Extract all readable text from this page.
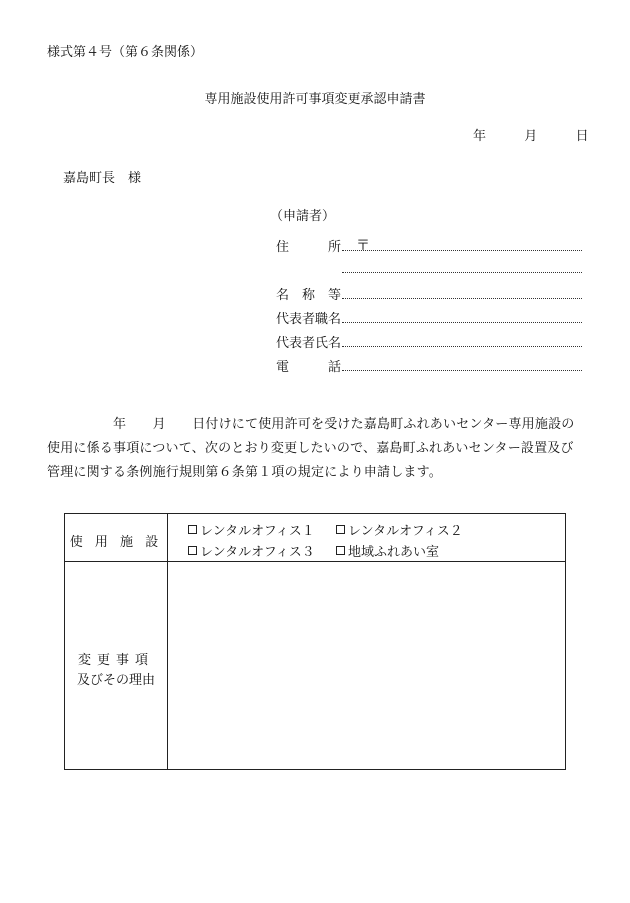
様式第４号（第６条関係）
専用施設使用許可事項変更承認申請書
年	月	日
嘉島町長　様
（申請者）
住　　　所 〒
名　称　等
代表者職名
代表者氏名
電　　　話
年　　月　　日付けにて使用許可を受けた嘉島町ふれあいセンター専用施設の
使用に係る事項について、次のとおり変更したいので、嘉島町ふれあいセンター設置及び
管理に関する条例施行規則第６条第１項の規定により申請します。
使 用 施 設
レンタルオフィス１	レンタルオフィス２
レンタルオフィス３	地域ふれあい室
変更事項
及びその理由
